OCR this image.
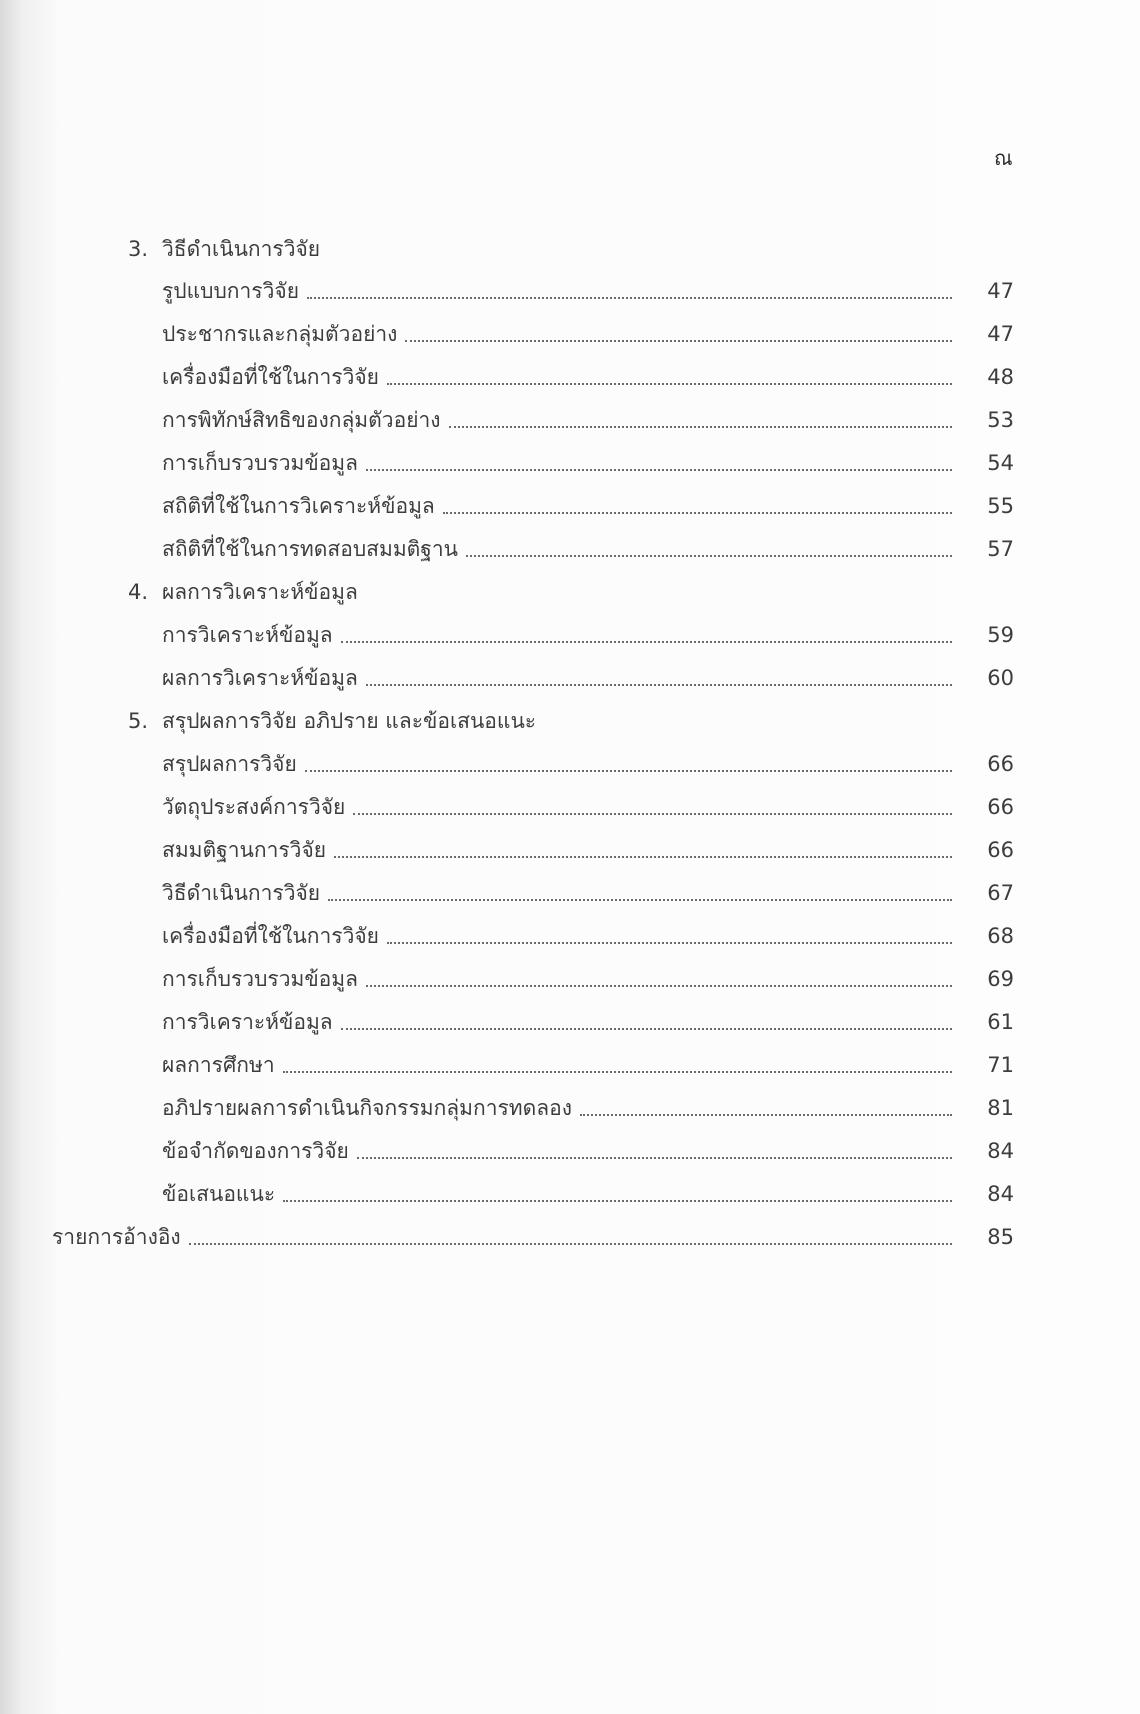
ณ
3. วิธีดำเนินการวิจัย
รูปแบบการวิจัย	47
ประชากรและกลุ่มตัวอย่าง	47
เครื่องมือที่ใช้ในการวิจัย	48
การพิทักษ์สิทธิของกลุ่มตัวอย่าง	53
การเก็บรวบรวมข้อมูล	54
สถิติที่ใช้ในการวิเคราะห์ข้อมูล	55
สถิติที่ใช้ในการทดสอบสมมติฐาน	57
4. ผลการวิเคราะห์ข้อมูล
การวิเคราะห์ข้อมูล	59
ผลการวิเคราะห์ข้อมูล	60
5. สรุปผลการวิจัย อภิปราย และข้อเสนอแนะ
สรุปผลการวิจัย	66
วัตถุประสงค์การวิจัย	66
สมมติฐานการวิจัย	66
วิธีดำเนินการวิจัย	67
เครื่องมือที่ใช้ในการวิจัย	68
การเก็บรวบรวมข้อมูล	69
การวิเคราะห์ข้อมูล	61
ผลการศึกษา	71
อภิปรายผลการดำเนินกิจกรรมกลุ่มการทดลอง	81
ข้อจำกัดของการวิจัย	84
ข้อเสนอแนะ	84
รายการอ้างอิง	85
